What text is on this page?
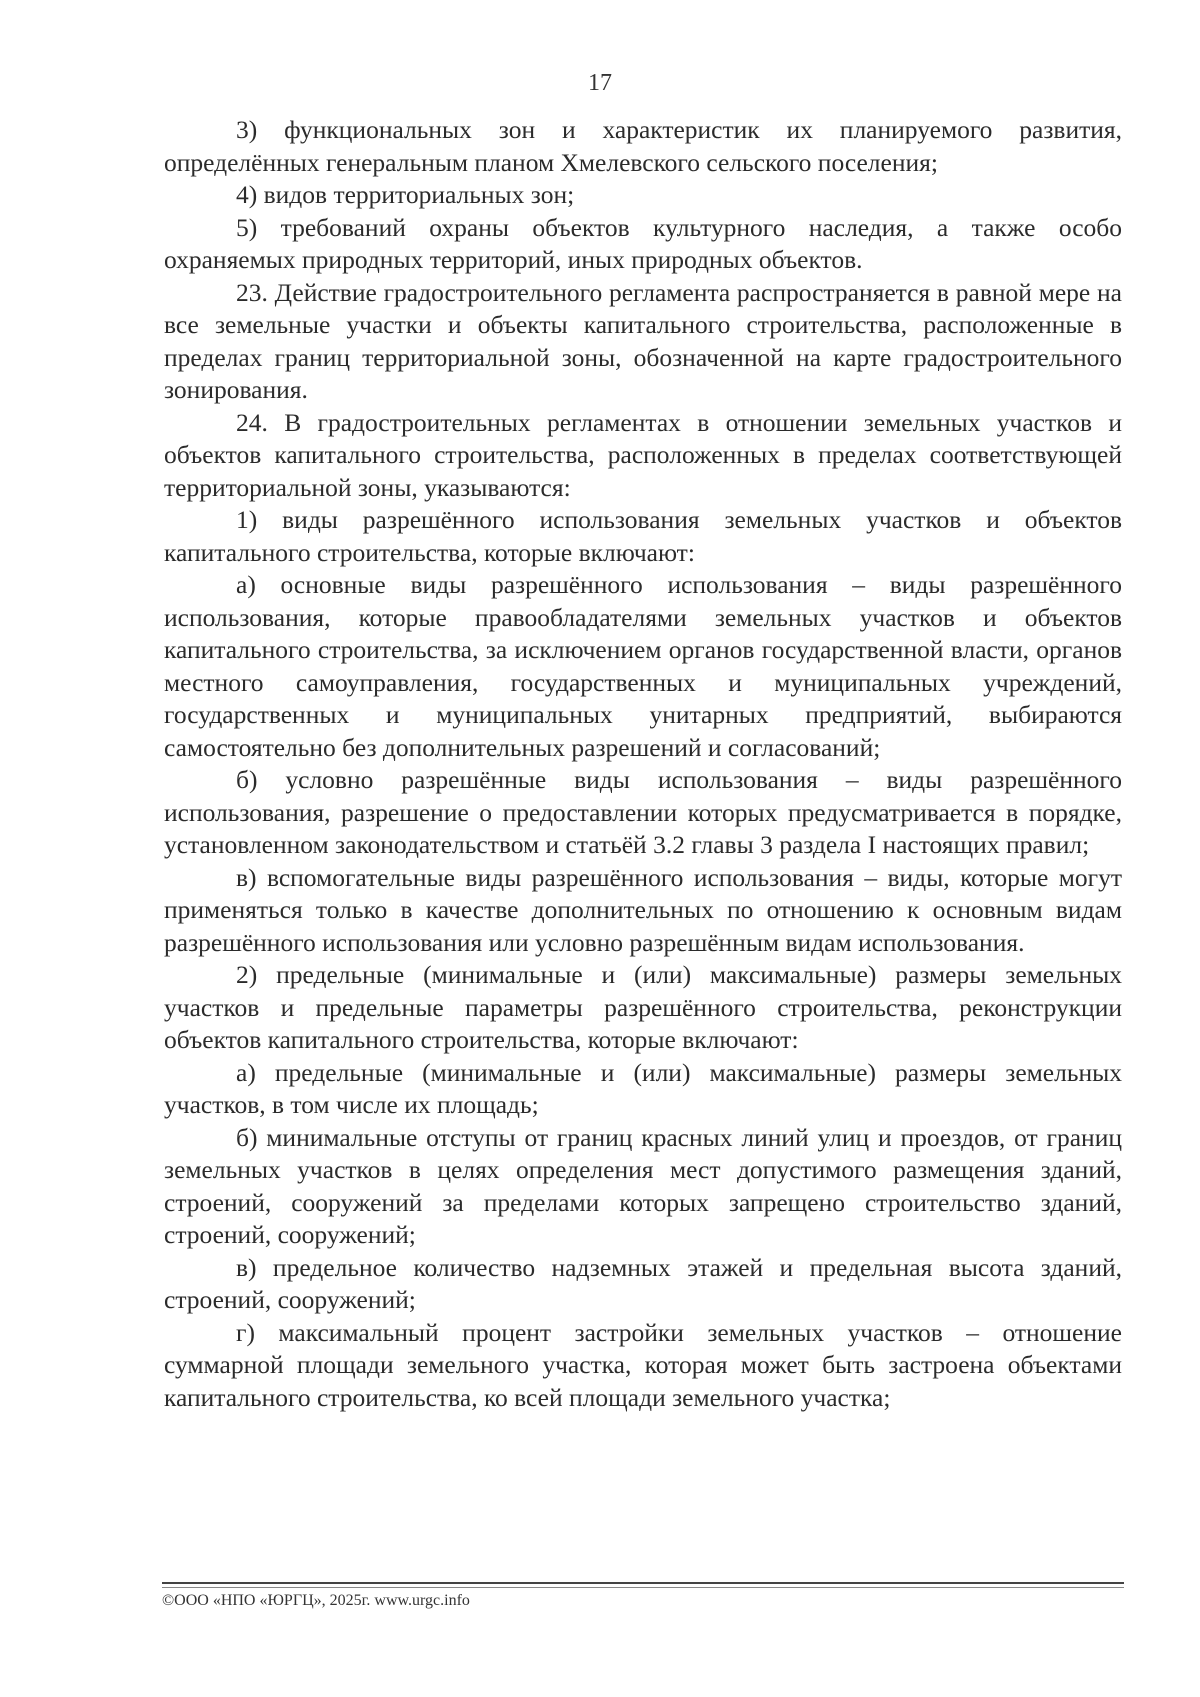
17

3) функциональных зон и характеристик их планируемого развития, определённых генеральным планом Хмелевского сельского поселения;

4) видов территориальных зон;

5) требований охраны объектов культурного наследия, а также особо охраняемых природных территорий, иных природных объектов.

23. Действие градостроительного регламента распространяется в равной мере на все земельные участки и объекты капитального строительства, расположенные в пределах границ территориальной зоны, обозначенной на карте градостроительного зонирования.

24. В градостроительных регламентах в отношении земельных участков и объектов капитального строительства, расположенных в пределах соответствующей территориальной зоны, указываются:

1) виды разрешённого использования земельных участков и объектов капитального строительства, которые включают:

а) основные виды разрешённого использования – виды разрешённого использования, которые правообладателями земельных участков и объектов капитального строительства, за исключением органов государственной власти, органов местного самоуправления, государственных и муниципальных учреждений, государственных и муниципальных унитарных предприятий, выбираются самостоятельно без дополнительных разрешений и согласований;

б) условно разрешённые виды использования – виды разрешённого использования, разрешение о предоставлении которых предусматривается в порядке, установленном законодательством и статьёй 3.2 главы 3 раздела I настоящих правил;

в) вспомогательные виды разрешённого использования – виды, которые могут применяться только в качестве дополнительных по отношению к основным видам разрешённого использования или условно разрешённым видам использования.

2) предельные (минимальные и (или) максимальные) размеры земельных участков и предельные параметры разрешённого строительства, реконструкции объектов капитального строительства, которые включают:

а) предельные (минимальные и (или) максимальные) размеры земельных участков, в том числе их площадь;

б) минимальные отступы от границ красных линий улиц и проездов, от границ земельных участков в целях определения мест допустимого размещения зданий, строений, сооружений за пределами которых запрещено строительство зданий, строений, сооружений;

в) предельное количество надземных этажей и предельная высота зданий, строений, сооружений;

г) максимальный процент застройки земельных участков – отношение суммарной площади земельного участка, которая может быть застроена объектами капитального строительства, ко всей площади земельного участка;

©ООО «НПО «ЮРГЦ», 2025г. www.urgc.info
